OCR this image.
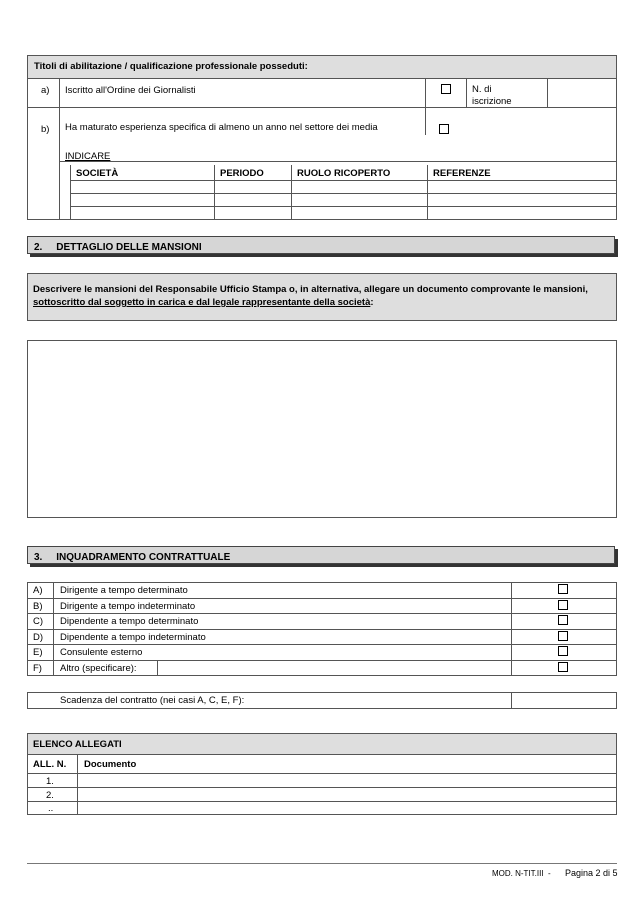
Titoli di abilitazione / qualificazione professionale posseduti:
a) Iscritto all'Ordine dei Giornalisti	N. di
iscrizione
b) Ha maturato esperienza specifica di almeno un anno nel settore dei media
INDICARE
SOCIETÀ	PERIODO	RUOLO RICOPERTO	REFERENZE
2.     DETTAGLIO DELLE MANSIONI
Descrivere le mansioni del Responsabile Ufficio Stampa o, in alternativa, allegare un documento comprovante le mansioni, sottoscritto dal soggetto in carica e dal legale rappresentante della società:
3.     INQUADRAMENTO CONTRATTUALE
A) Dirigente a tempo determinato
B) Dirigente a tempo indeterminato
C) Dipendente a tempo determinato
D) Dipendente a tempo indeterminato
E) Consulente esterno
F) Altro (specificare):
Scadenza del contratto (nei casi A, C, E, F):
ELENCO ALLEGATI
ALL. N. Documento
1.
2.
..
MOD. N-TIT.III  - Pagina 2 di 5
